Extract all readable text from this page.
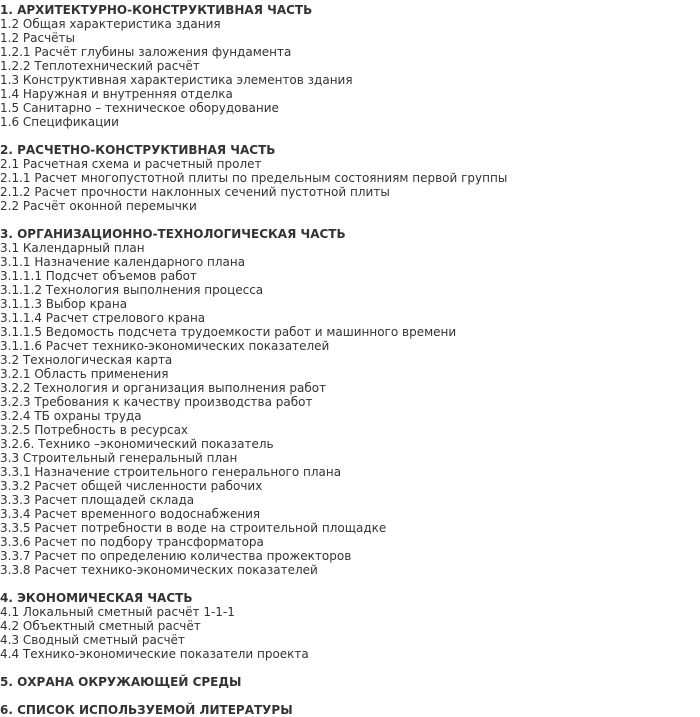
1. АРХИТЕКТУРНО-КОНСТРУКТИВНАЯ ЧАСТЬ
1.2 Общая характеристика здания
1.2 Расчёты
1.2.1 Расчёт глубины заложения фундамента
1.2.2 Теплотехнический расчёт
1.3 Конструктивная характеристика элементов здания
1.4 Наружная и внутренняя отделка
1.5 Санитарно – техническое оборудование
1.6 Спецификации
2. РАСЧЕТНО-КОНСТРУКТИВНАЯ ЧАСТЬ
2.1 Расчетная схема и расчетный пролет
2.1.1 Расчет многопустотной плиты по предельным состояниям первой группы
2.1.2 Расчет прочности наклонных сечений пустотной плиты
2.2 Расчёт оконной перемычки
3. ОРГАНИЗАЦИОННО-ТЕХНОЛОГИЧЕСКАЯ ЧАСТЬ
3.1 Календарный план
3.1.1 Назначение календарного плана
3.1.1.1 Подсчет объемов работ
3.1.1.2 Технология выполнения процесса
3.1.1.3 Выбор крана
3.1.1.4 Расчет стрелового крана
3.1.1.5 Ведомость подсчета трудоемкости работ и машинного времени
3.1.1.6 Расчет технико-экономических показателей
3.2 Технологическая карта
3.2.1 Область применения
3.2.2 Технология и организация выполнения работ
3.2.3 Требования к качеству производства работ
3.2.4 ТБ охраны труда
3.2.5 Потребность в ресурсах
3.2.6. Технико –экономический показатель
3.3 Строительный генеральный план
3.3.1 Назначение строительного генерального плана
3.3.2 Расчет общей численности рабочих
3.3.3 Расчет площадей склада
3.3.4 Расчет временного водоснабжения
3.3.5 Расчет потребности в воде на строительной площадке
3.3.6 Расчет по подбору трансформатора
3.3.7 Расчет по определению количества прожекторов
3.3.8 Расчет технико-экономических показателей
4. ЭКОНОМИЧЕСКАЯ ЧАСТЬ
4.1 Локальный сметный расчёт 1-1-1
4.2 Объектный сметный расчёт
4.3 Сводный сметный расчёт
4.4 Технико-экономические показатели проекта
5. ОХРАНА ОКРУЖАЮЩЕЙ СРЕДЫ
6. СПИСОК ИСПОЛЬЗУЕМОЙ ЛИТЕРАТУРЫ
